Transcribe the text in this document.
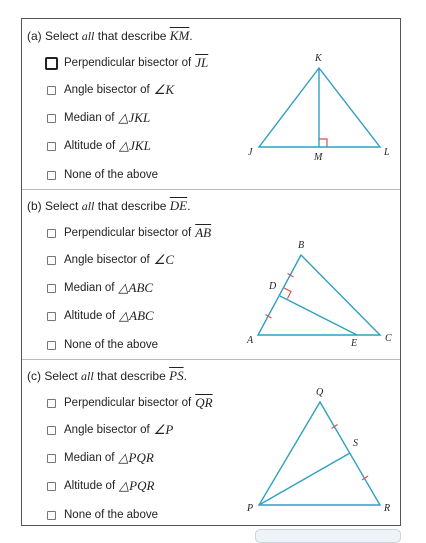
(a) Select all that describe $\overline{KM}$.
Perpendicular bisector of $\overline{JL}$
Angle bisector of ∠K
Median of △JKL
Altitude of △JKL
None of the above
K
J	L
M
(b) Select all that describe $\overline{DE}$.
Perpendicular bisector of $\overline{AB}$
Angle bisector of ∠C
Median of △ABC
Altitude of △ABC
None of the above
B
D
A	E	C
(c) Select all that describe $\overline{PS}$.
Perpendicular bisector of $\overline{QR}$
Angle bisector of ∠P
Median of △PQR
Altitude of △PQR
None of the above
Q
S
P	R
